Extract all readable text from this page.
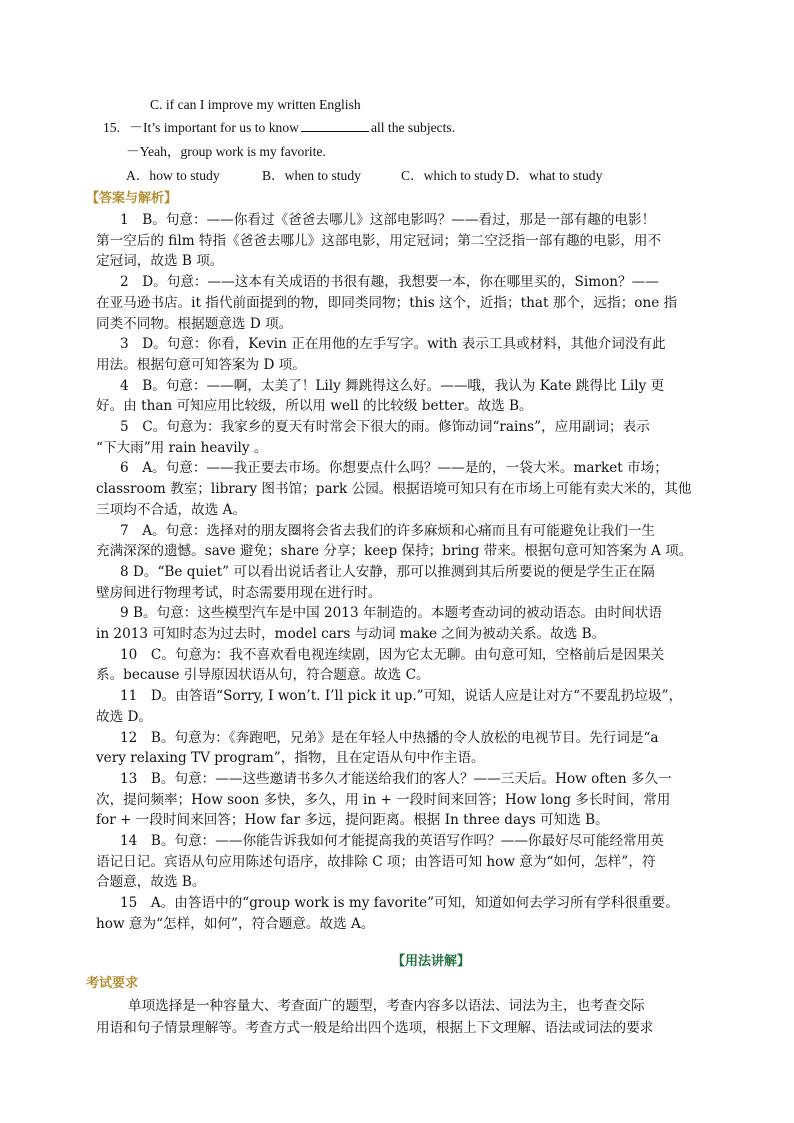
C. if can I improve my written English
15. －It’s important for us to know	all the subjects.
－Yeah，group work is my favorite.
A．how to study	B．when to study	C．which to study D．what to study
【答案与解析】
1　B。句意：——你看过《爸爸去哪儿》这部电影吗？——看过，那是一部有趣的电影！
第一空后的 film 特指《爸爸去哪儿》这部电影，用定冠词；第二空泛指一部有趣的电影，用不
定冠词，故选 B 项。
2　D。句意：——这本有关成语的书很有趣，我想要一本，你在哪里买的，Simon？——
在亚马逊书店。it 指代前面提到的物，即同类同物；this 这个，近指；that 那个，远指；one 指
同类不同物。根据题意选 D 项。
3　D。句意：你看，Kevin 正在用他的左手写字。with 表示工具或材料，其他介词没有此
用法。根据句意可知答案为 D 项。
4　B。句意：——啊，太美了！Lily 舞跳得这么好。——哦，我认为 Kate 跳得比 Lily 更
好。由 than 可知应用比较级，所以用 well 的比较级 better。故选 B。
5　C。句意为：我家乡的夏天有时常会下很大的雨。修饰动词“rains”，应用副词；表示
“下大雨”用 rain heavily 。
6　A。句意：——我正要去市场。你想要点什么吗？——是的，一袋大米。market 市场；
classroom 教室；library 图书馆；park 公园。根据语境可知只有在市场上可能有卖大米的，其他
三项均不合适，故选 A。
7　A。句意：选择对的朋友圈将会省去我们的许多麻烦和心痛而且有可能避免让我们一生
充满深深的遗憾。save 避免；share 分享；keep 保持；bring 带来。根据句意可知答案为 A 项。
8 D。“Be quiet” 可以看出说话者让人安静，那可以推测到其后所要说的便是学生正在隔
壁房间进行物理考试，时态需要用现在进行时。
9 B。句意：这些模型汽车是中国 2013 年制造的。本题考查动词的被动语态。由时间状语
in 2013 可知时态为过去时，model cars 与动词 make 之间为被动关系。故选 B。
10　C。句意为：我不喜欢看电视连续剧，因为它太无聊。由句意可知，空格前后是因果关
系。because 引导原因状语从句，符合题意。故选 C。
11　D。由答语“Sorry, I won’t. I’ll pick it up.”可知，说话人应是让对方“不要乱扔垃圾”，
故选 D。
12　B。句意为：《奔跑吧，兄弟》是在年轻人中热播的令人放松的电视节目。先行词是“a
very relaxing TV program”，指物，且在定语从句中作主语。
13　B。句意：——这些邀请书多久才能送给我们的客人？——三天后。How often 多久一
次，提问频率；How soon 多快，多久，用 in + 一段时间来回答；How long 多长时间，常用
for + 一段时间来回答；How far 多远，提问距离。根据 In three days 可知选 B。
14　B。句意：——你能告诉我如何才能提高我的英语写作吗？——你最好尽可能经常用英
语记日记。宾语从句应用陈述句语序，故排除 C 项；由答语可知 how 意为“如何，怎样”，符
合题意，故选 B。
15　A。由答语中的“group work is my favorite”可知，知道如何去学习所有学科很重要。
how 意为“怎样，如何”，符合题意。故选 A。
【用法讲解】
考试要求
单项选择是一种容量大、考查面广的题型，考查内容多以语法、词法为主，也考查交际
用语和句子情景理解等。考查方式一般是给出四个选项，根据上下文理解、语法或词法的要求
